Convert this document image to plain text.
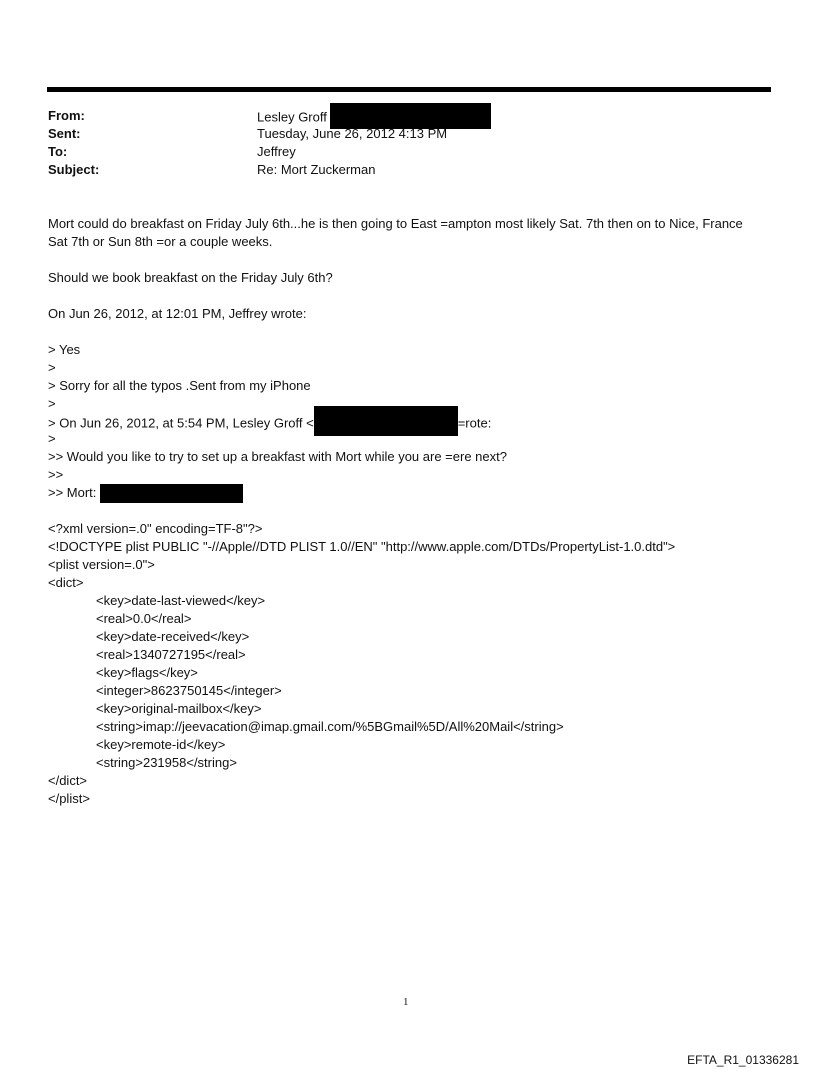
From:	Lesley Groff
Sent:	Tuesday, June 26, 2012 4:13 PM
To:	Jeffrey
Subject:	Re: Mort Zuckerman
Mort could do breakfast on Friday July 6th...he is then going to East =ampton most likely Sat. 7th then on to Nice, France
Sat 7th or Sun 8th =or a couple weeks.
Should we book breakfast on the Friday July 6th?
On Jun 26, 2012, at 12:01 PM, Jeffrey wrote:
> Yes
>
> Sorry for all the typos .Sent from my iPhone
>
> On Jun 26, 2012, at 5:54 PM, Lesley Groff <	=rote:
>
>> Would you like to try to set up a breakfast with Mort while you are =ere next?
>>
>> Mort:
<?xml version=.0" encoding=TF-8"?>
<!DOCTYPE plist PUBLIC "-//Apple//DTD PLIST 1.0//EN" "http://www.apple.com/DTDs/PropertyList-1.0.dtd">
<plist version=.0">
<dict>
<key>date-last-viewed</key>
<real>0.0</real>
<key>date-received</key>
<real>1340727195</real>
<key>flags</key>
<integer>8623750145</integer>
<key>original-mailbox</key>
<string>imap://jeevacation@imap.gmail.com/%5BGmail%5D/All%20Mail</string>
<key>remote-id</key>
<string>231958</string>
</dict>
</plist>
1
EFTA_R1_01336281
